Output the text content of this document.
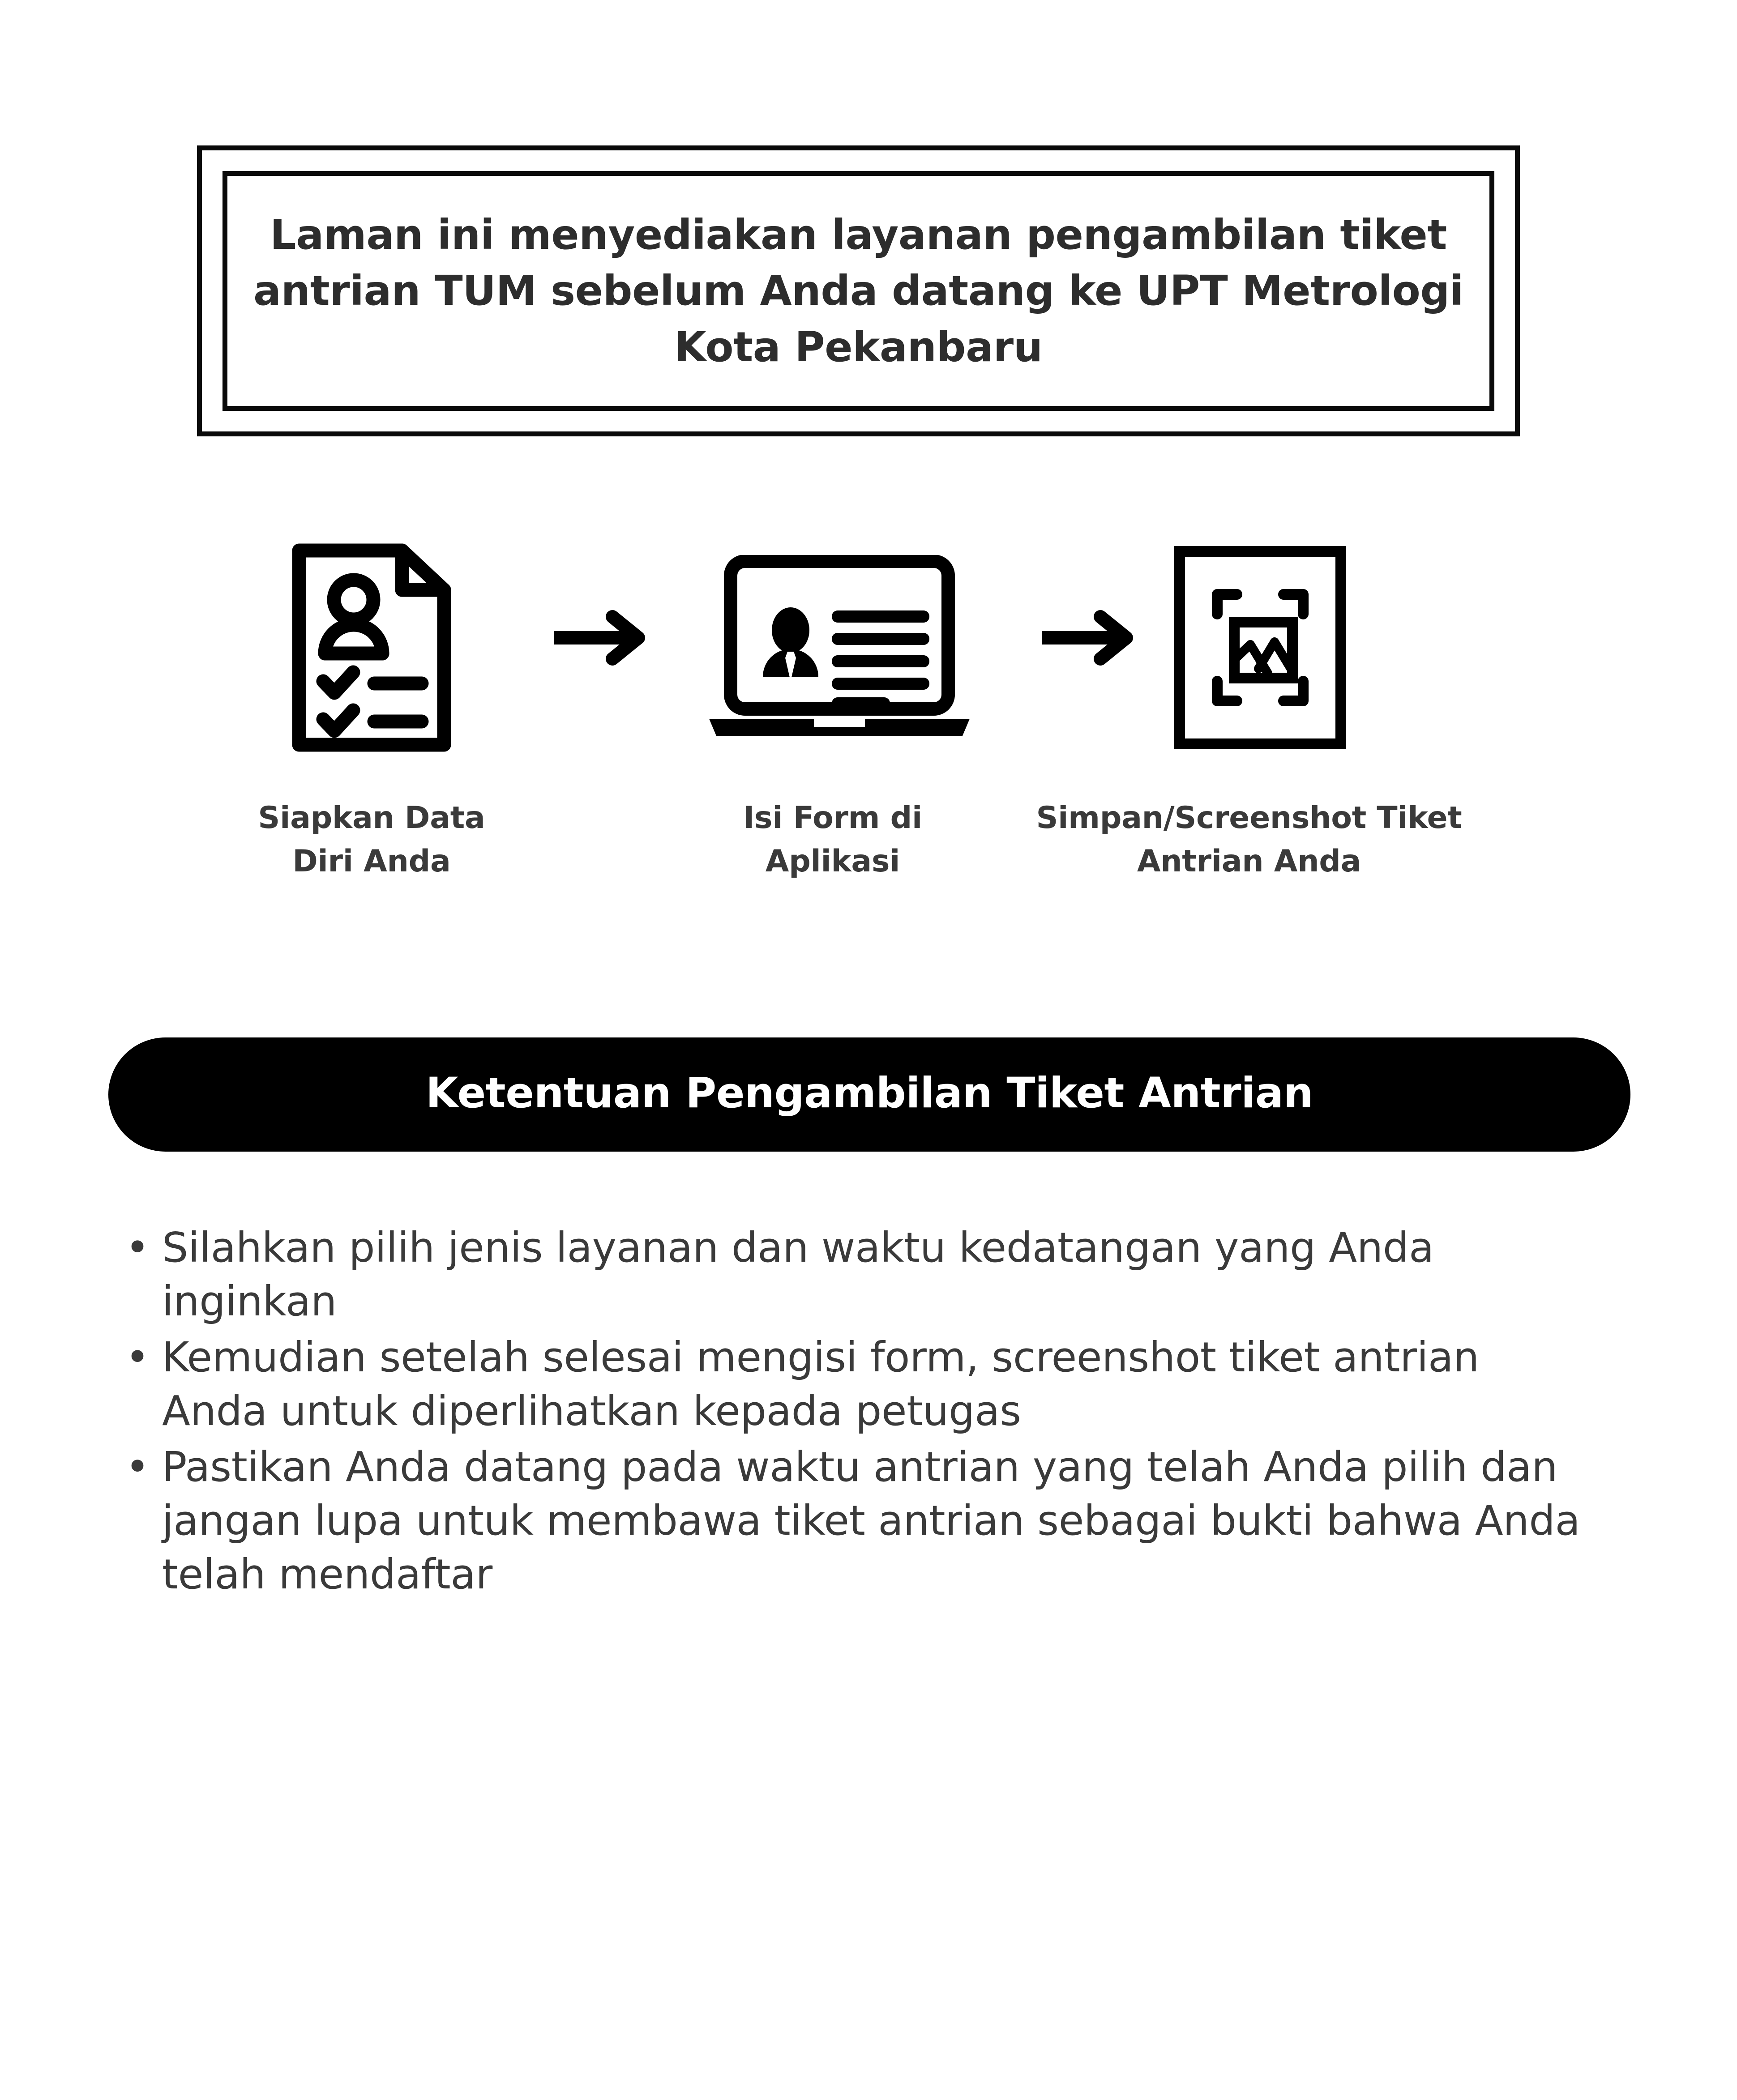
Laman ini menyediakan layanan pengambilan tiket antrian TUM sebelum Anda datang ke UPT Metrologi Kota Pekanbaru
Siapkan Data Diri Anda
Isi Form di Aplikasi
Simpan/Screenshot Tiket Antrian Anda
Ketentuan Pengambilan Tiket Antrian
• Silahkan pilih jenis layanan dan waktu kedatangan yang Anda inginkan
• Kemudian setelah selesai mengisi form, screenshot tiket antrian Anda untuk diperlihatkan kepada petugas
• Pastikan Anda datang pada waktu antrian yang telah Anda pilih dan jangan lupa untuk membawa tiket antrian sebagai bukti bahwa Anda telah mendaftar
